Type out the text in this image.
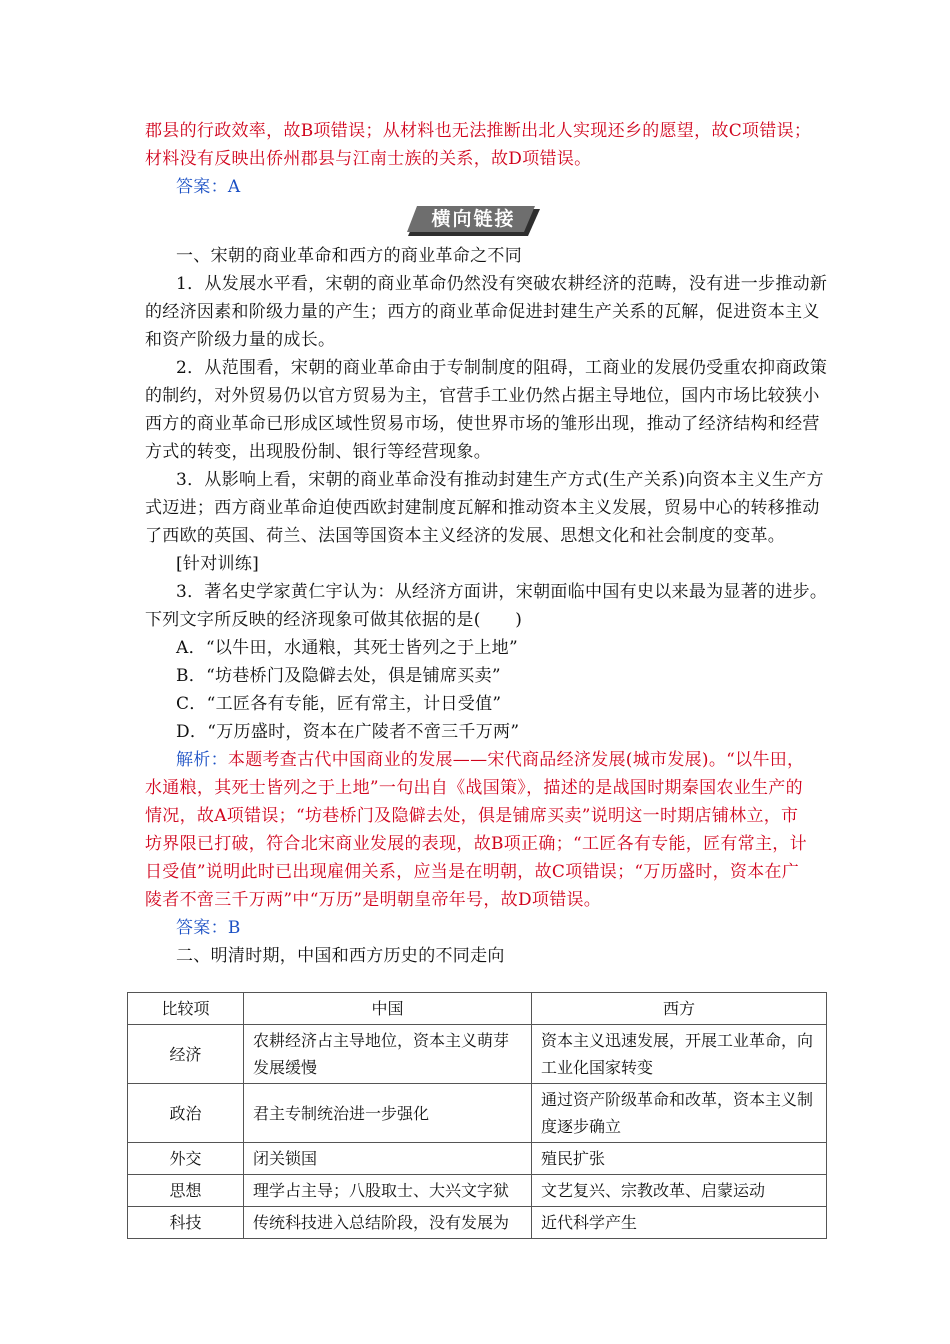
郡县的行政效率，故B项错误；从材料也无法推断出北人实现还乡的愿望，故C项错误；
材料没有反映出侨州郡县与江南士族的关系，故D项错误。
答案：A
横向链接
一、宋朝的商业革命和西方的商业革命之不同
1．从发展水平看，宋朝的商业革命仍然没有突破农耕经济的范畴，没有进一步推动新
的经济因素和阶级力量的产生；西方的商业革命促进封建生产关系的瓦解，促进资本主义
和资产阶级力量的成长。
2．从范围看，宋朝的商业革命由于专制制度的阻碍，工商业的发展仍受重农抑商政策
的制约，对外贸易仍以官方贸易为主，官营手工业仍然占据主导地位，国内市场比较狭小
西方的商业革命已形成区域性贸易市场，使世界市场的雏形出现，推动了经济结构和经营
方式的转变，出现股份制、银行等经营现象。
3．从影响上看，宋朝的商业革命没有推动封建生产方式(生产关系)向资本主义生产方
式迈进；西方商业革命迫使西欧封建制度瓦解和推动资本主义发展，贸易中心的转移推动
了西欧的英国、荷兰、法国等国资本主义经济的发展、思想文化和社会制度的变革。
[针对训练]
3．著名史学家黄仁宇认为：从经济方面讲，宋朝面临中国有史以来最为显著的进步。
下列文字所反映的经济现象可做其依据的是(　　)
A．“以牛田，水通粮，其死士皆列之于上地”
B．“坊巷桥门及隐僻去处，俱是铺席买卖”
C．“工匠各有专能，匠有常主，计日受值”
D．“万历盛时，资本在广陵者不啻三千万两”
解析：本题考查古代中国商业的发展——宋代商品经济发展(城市发展)。“以牛田，
水通粮，其死士皆列之于上地”一句出自《战国策》，描述的是战国时期秦国农业生产的
情况，故A项错误；“坊巷桥门及隐僻去处，俱是铺席买卖”说明这一时期店铺林立，市
坊界限已打破，符合北宋商业发展的表现，故B项正确；“工匠各有专能，匠有常主，计
日受值”说明此时已出现雇佣关系，应当是在明朝，故C项错误；“万历盛时，资本在广
陵者不啻三千万两”中“万历”是明朝皇帝年号，故D项错误。
答案：B
二、明清时期，中国和西方历史的不同走向
比较项	中国	西方
经济	农耕经济占主导地位，资本主义萌芽发展缓慢	资本主义迅速发展，开展工业革命，向工业化国家转变
政治	君主专制统治进一步强化	通过资产阶级革命和改革，资本主义制度逐步确立
外交	闭关锁国	殖民扩张
思想	理学占主导；八股取士、大兴文字狱	文艺复兴、宗教改革、启蒙运动
科技	传统科技进入总结阶段，没有发展为	近代科学产生
